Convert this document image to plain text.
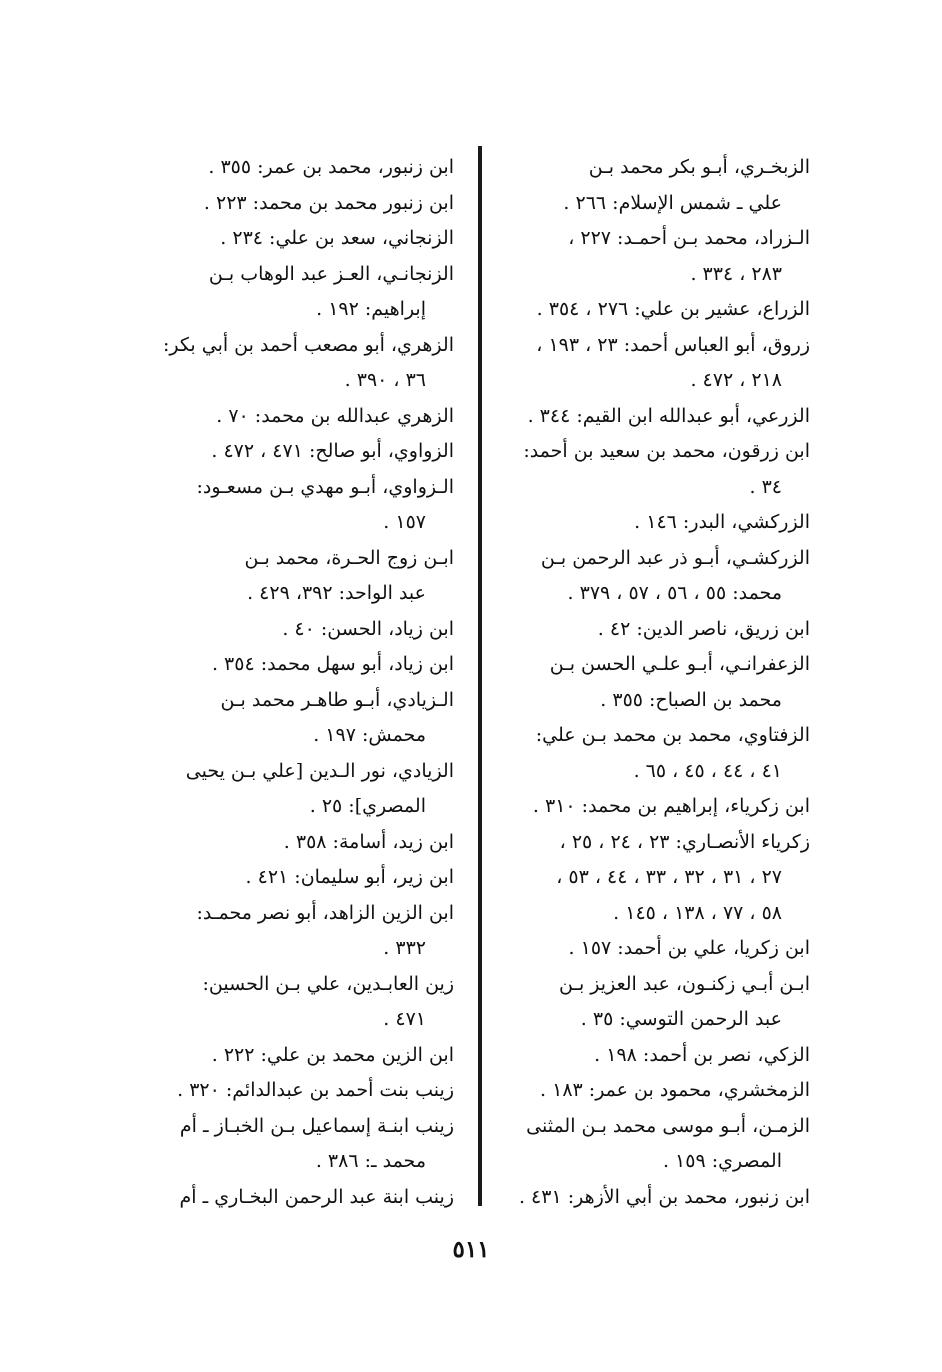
الزبخـري، أبـو بكر محمد بـن
علي ـ شمس الإسلام: ٢٦٦ .
الـزراد، محمد بـن أحمـد: ٢٢٧ ،
٢٨٣ ، ٣٣٤ .
الزراع، عشير بن علي: ٢٧٦ ، ٣٥٤ .
زروق، أبو العباس أحمد: ٢٣ ، ١٩٣ ،
٢١٨ ، ٤٧٢ .
الزرعي، أبو عبدالله ابن القيم: ٣٤٤ .
ابن زرقون، محمد بن سعيد بن أحمد:
٣٤ .
الزركشي، البدر: ١٤٦ .
الزركشـي، أبـو ذر عبد الرحمن بـن
محمد: ٥٥ ، ٥٦ ، ٥٧ ، ٣٧٩ .
ابن زريق، ناصر الدين: ٤٢ .
الزعفرانـي، أبـو علـي الحسن بـن
محمد بن الصباح: ٣٥٥ .
الزفتاوي، محمد بن محمد بـن علي:
٤١ ، ٤٤ ، ٤٥ ، ٦٥ .
ابن زكرياء، إبراهيم بن محمد: ٣١٠ .
زكرياء الأنصـاري: ٢٣ ، ٢٤ ، ٢٥ ،
٢٧ ، ٣١ ، ٣٢ ، ٣٣ ، ٤٤ ، ٥٣ ،
٥٨ ، ٧٧ ، ١٣٨ ، ١٤٥ .
ابن زكريا، علي بن أحمد: ١٥٧ .
ابـن أبـي زكنـون، عبد العزيز بـن
عبد الرحمن التوسي: ٣٥ .
الزكي، نصر بن أحمد: ١٩٨ .
الزمخشري، محمود بن عمر: ١٨٣ .
الزمـن، أبـو موسى محمد بـن المثنى
المصري: ١٥٩ .
ابن زنبور، محمد بن أبي الأزهر: ٤٣١ .
ابن زنبور، محمد بن عمر: ٣٥٥ .
ابن زنبور محمد بن محمد: ٢٢٣ .
الزنجاني، سعد بن علي: ٢٣٤ .
الزنجانـي، العـز عبد الوهاب بـن
إبراهيم: ١٩٢ .
الزهري، أبو مصعب أحمد بن أبي بكر:
٣٦ ، ٣٩٠ .
الزهري عبدالله بن محمد: ٧٠ .
الزواوي، أبو صالح: ٤٧١ ، ٤٧٢ .
الـزواوي، أبـو مهدي بـن مسعـود:
١٥٧ .
ابـن زوج الحـرة، محمد بـن
عبد الواحد: ٣٩٢، ٤٢٩ .
ابن زياد، الحسن: ٤٠ .
ابن زياد، أبو سهل محمد: ٣٥٤ .
الـزيادي، أبـو طاهـر محمد بـن
محمش: ١٩٧ .
الزيادي، نور الـدين [علي بـن يحيى
المصري]: ٢٥ .
ابن زيد، أسامة: ٣٥٨ .
ابن زير، أبو سليمان: ٤٢١ .
ابن الزين الزاهد، أبو نصر محمـد:
٣٣٢ .
زين العابـدين، علي بـن الحسين:
٤٧١ .
ابن الزين محمد بن علي: ٢٢٢ .
زينب بنت أحمد بن عبدالدائم: ٣٢٠ .
زينب ابنـة إسماعيل بـن الخبـاز ـ أم
محمد ـ: ٣٨٦ .
زينب ابنة عبد الرحمن البخـاري ـ أم
٥١١
